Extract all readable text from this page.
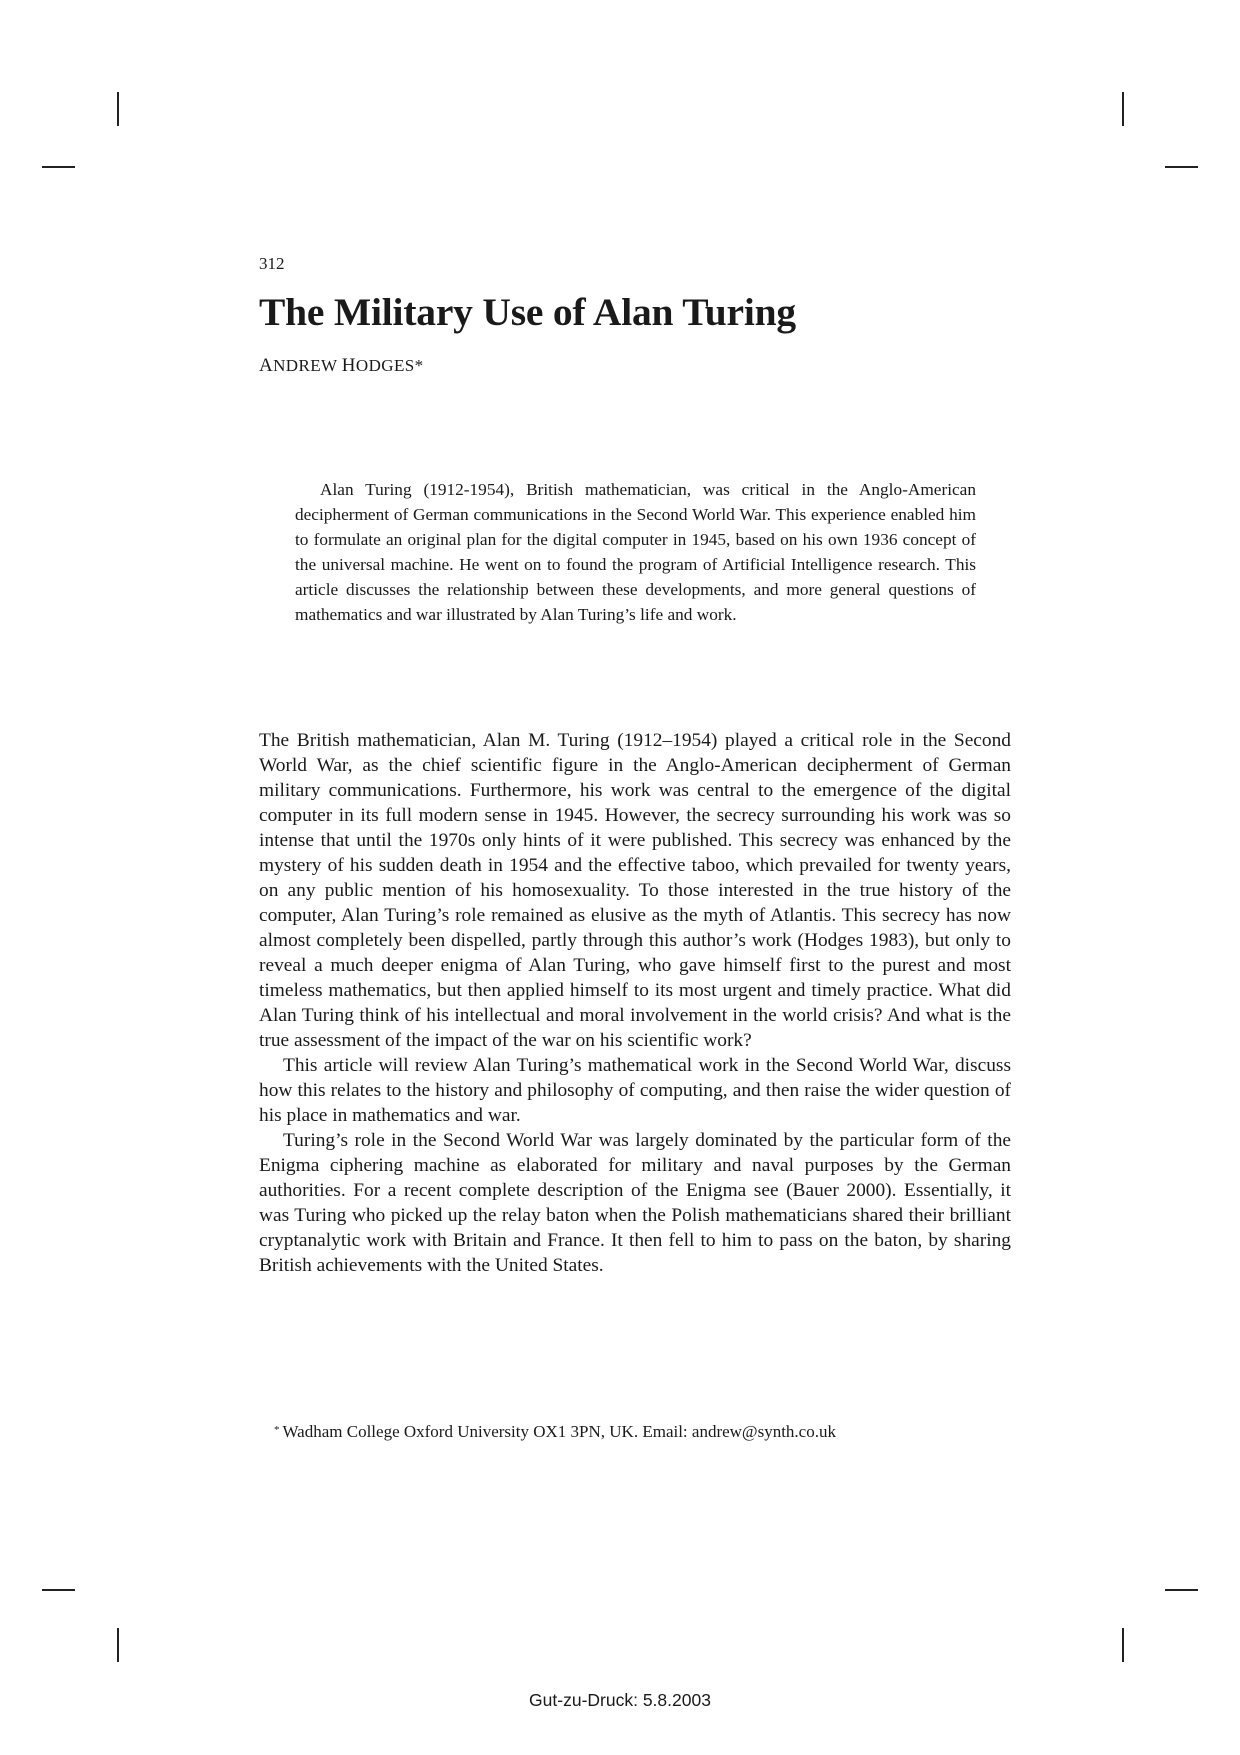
312
The Military Use of Alan Turing
ANDREW HODGES*

Alan Turing (1912-1954), British mathematician, was critical in the Anglo-American decipherment of German communications in the Second World War. This experience enabled him to formulate an original plan for the digital computer in 1945, based on his own 1936 concept of the universal machine. He went on to found the program of Artificial Intelligence research. This article discusses the relationship between these developments, and more general questions of mathematics and war illustrated by Alan Turing’s life and work.

The British mathematician, Alan M. Turing (1912–1954) played a critical role in the Second World War, as the chief scientific figure in the Anglo-American decipherment of German military communications. Furthermore, his work was central to the emergence of the digital computer in its full modern sense in 1945. However, the secrecy surrounding his work was so intense that until the 1970s only hints of it were published. This secrecy was enhanced by the mystery of his sudden death in 1954 and the effective taboo, which prevailed for twenty years, on any public mention of his homosexuality. To those interested in the true history of the computer, Alan Turing’s role remained as elusive as the myth of Atlantis. This secrecy has now almost completely been dispelled, partly through this author’s work (Hodges 1983), but only to reveal a much deeper enigma of Alan Turing, who gave himself first to the purest and most timeless mathematics, but then applied himself to its most urgent and timely practice. What did Alan Turing think of his intellectual and moral involvement in the world crisis? And what is the true assessment of the impact of the war on his scientific work?

This article will review Alan Turing’s mathematical work in the Second World War, discuss how this relates to the history and philosophy of computing, and then raise the wider question of his place in mathematics and war.

Turing’s role in the Second World War was largely dominated by the particular form of the Enigma ciphering machine as elaborated for military and naval purposes by the German authorities. For a recent complete description of the Enigma see (Bauer 2000). Essentially, it was Turing who picked up the relay baton when the Polish mathematicians shared their brilliant cryptanalytic work with Britain and France. It then fell to him to pass on the baton, by sharing British achievements with the United States.

* Wadham College Oxford University OX1 3PN, UK. Email: andrew@synth.co.uk
Gut-zu-Druck: 5.8.2003
